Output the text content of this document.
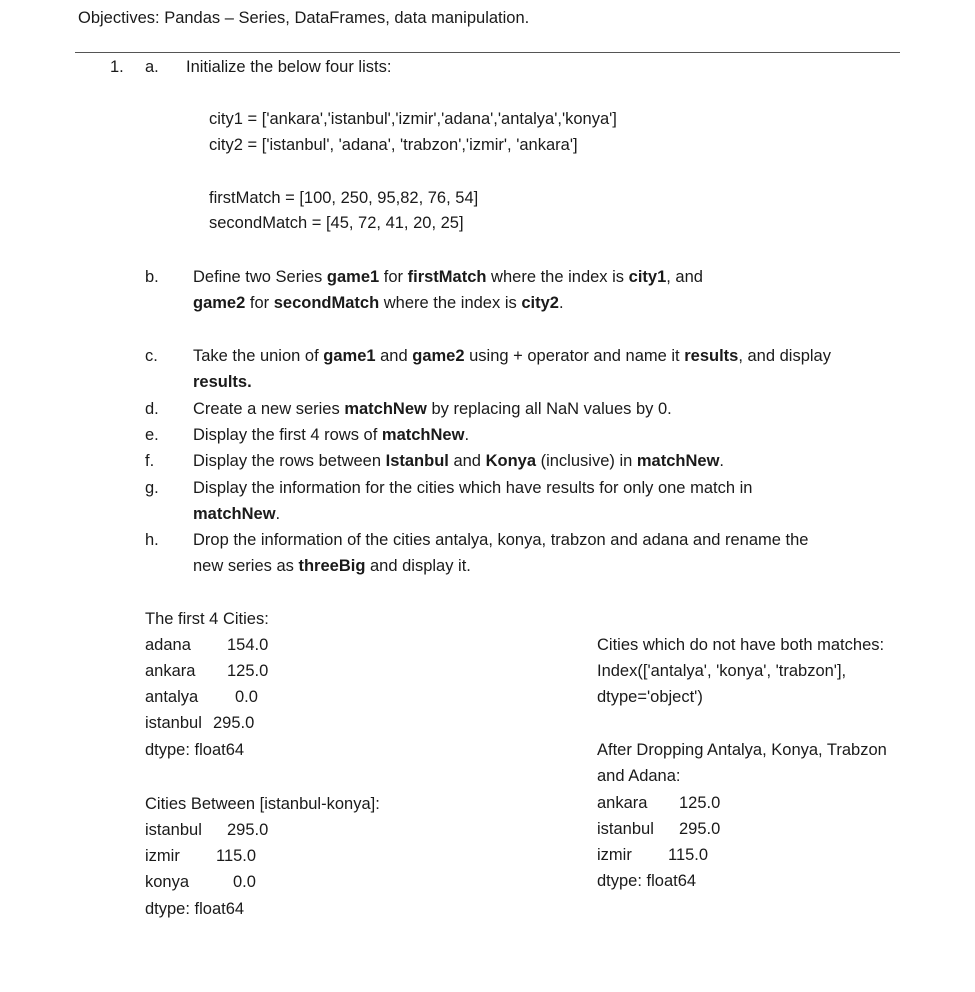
Objectives: Pandas – Series, DataFrames, data manipulation.
1. a. Initialize the below four lists:
city1 = ['ankara','istanbul','izmir','adana','antalya','konya']
city2 = ['istanbul', 'adana', 'trabzon','izmir', 'ankara']
firstMatch = [100, 250, 95,82, 76, 54]
secondMatch = [45, 72, 41, 20, 25]
b. Define two Series game1 for firstMatch where the index is city1, and
game2 for secondMatch where the index is city2.
c. Take the union of game1 and game2 using + operator and name it results, and display
results.
d. Create a new series matchNew by replacing all NaN values by 0.
e. Display the first 4 rows of matchNew.
f. Display the rows between Istanbul and Konya (inclusive) in matchNew.
g. Display the information for the cities which have results for only one match in
matchNew.
h. Drop the information of the cities antalya, konya, trabzon and adana and rename the
new series as threeBig and display it.
The first 4 Cities:
adana 154.0
ankara 125.0
antalya 0.0
istanbul 295.0
dtype: float64
Cities Between [istanbul-konya]:
istanbul 295.0
izmir 115.0
konya	0.0
dtype: float64
Cities which do not have both matches:
Index(['antalya', 'konya', 'trabzon'],
dtype='object')
After Dropping Antalya, Konya, Trabzon
and Adana:
ankara 125.0
istanbul 295.0
izmir 115.0
dtype: float64
